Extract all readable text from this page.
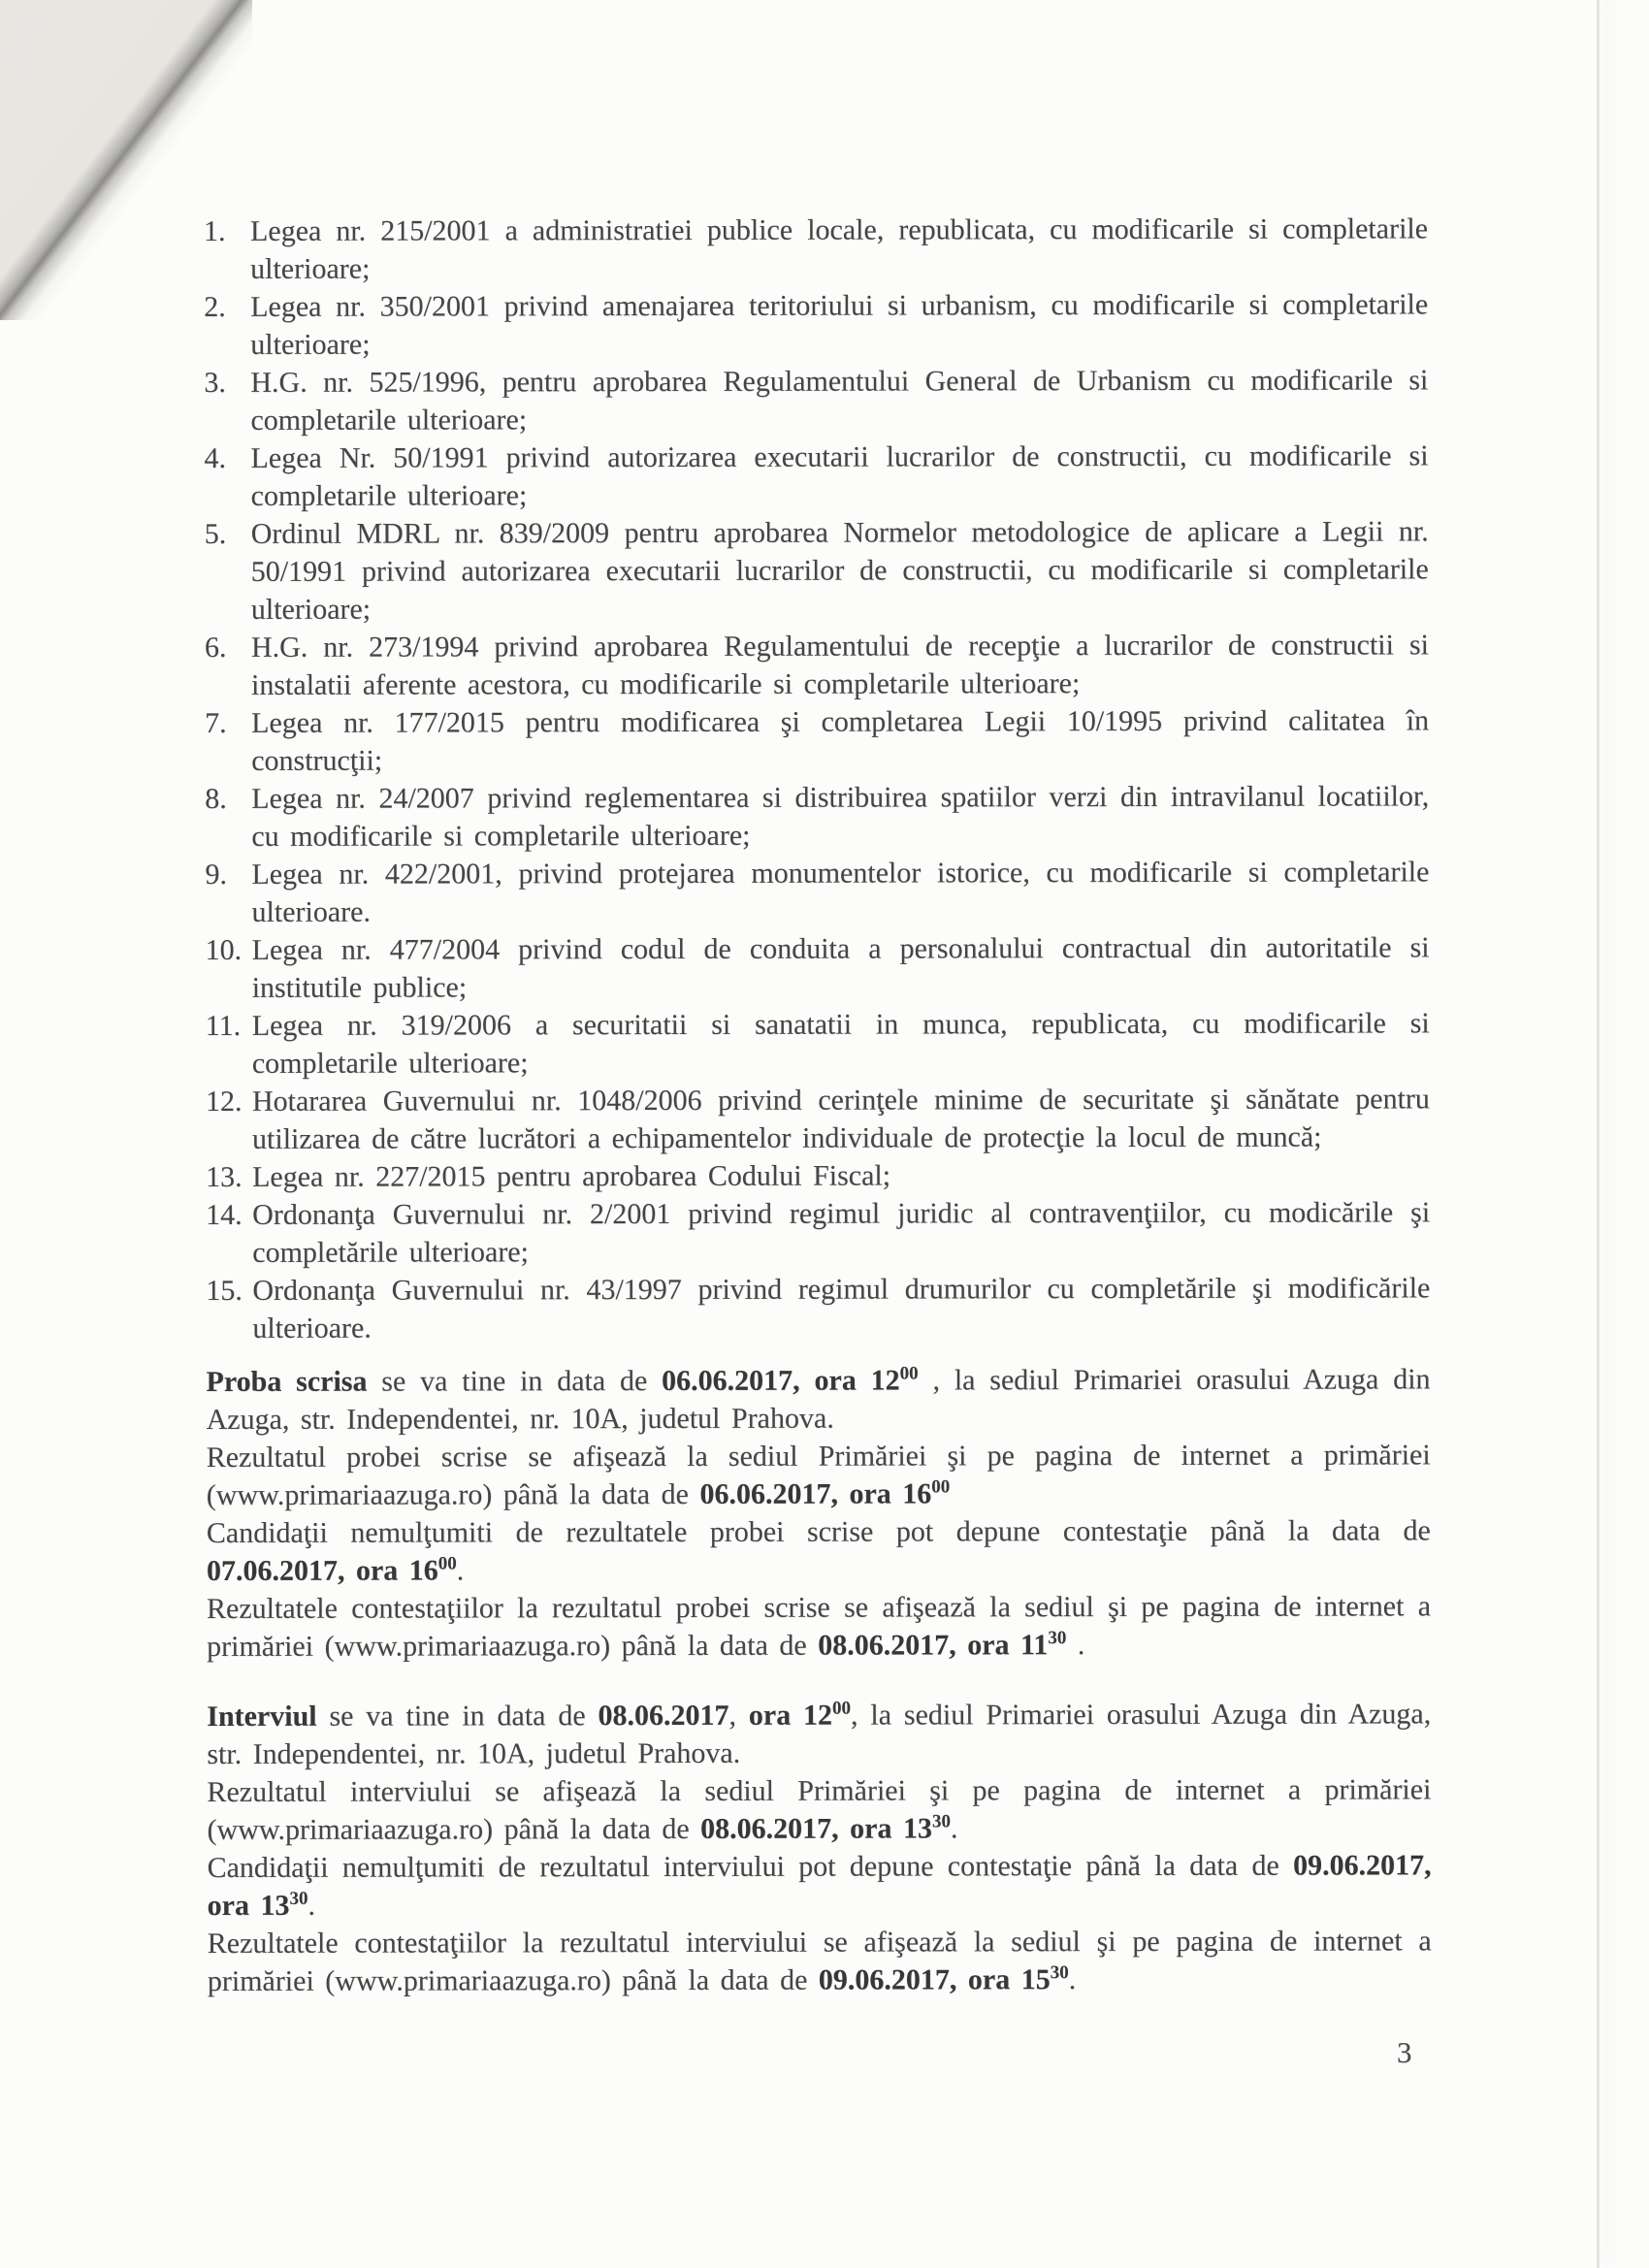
1. Legea nr. 215/2001 a administratiei publice locale, republicata, cu modificarile si completarile ulterioare;
2. Legea nr. 350/2001 privind amenajarea teritoriului si urbanism, cu modificarile si completarile ulterioare;
3. H.G. nr. 525/1996, pentru aprobarea Regulamentului General de Urbanism cu modificarile si completarile ulterioare;
4. Legea Nr. 50/1991 privind autorizarea executarii lucrarilor de constructii, cu modificarile si completarile ulterioare;
5. Ordinul MDRL nr. 839/2009 pentru aprobarea Normelor metodologice de aplicare a Legii nr. 50/1991 privind autorizarea executarii lucrarilor de constructii, cu modificarile si completarile ulterioare;
6. H.G. nr. 273/1994 privind aprobarea Regulamentului de recepţie a lucrarilor de constructii si instalatii aferente acestora, cu modificarile si completarile ulterioare;
7. Legea nr. 177/2015 pentru modificarea şi completarea Legii 10/1995 privind calitatea în construcţii;
8. Legea nr. 24/2007 privind reglementarea si distribuirea spatiilor verzi din intravilanul locatiilor, cu modificarile si completarile ulterioare;
9. Legea nr. 422/2001, privind protejarea monumentelor istorice, cu modificarile si completarile ulterioare.
10. Legea nr. 477/2004 privind codul de conduita a personalului contractual din autoritatile si institutile publice;
11. Legea nr. 319/2006 a securitatii si sanatatii in munca, republicata, cu modificarile si completarile ulterioare;
12. Hotararea Guvernului nr. 1048/2006 privind cerinţele minime de securitate şi sănătate pentru utilizarea de către lucrători a echipamentelor individuale de protecţie la locul de muncă;
13. Legea nr. 227/2015 pentru aprobarea Codului Fiscal;
14. Ordonanţa Guvernului nr. 2/2001 privind regimul juridic al contravenţiilor, cu modicările şi completările ulterioare;
15. Ordonanţa Guvernului nr. 43/1997 privind regimul drumurilor cu completările şi modificările ulterioare.

Proba scrisa se va tine in data de 06.06.2017, ora $12^{00}$ , la sediul Primariei orasului Azuga din Azuga, str. Independentei, nr. 10A, judetul Prahova.

Rezultatul probei scrise se afişează la sediul Primăriei şi pe pagina de internet a primăriei (www.primariaazuga.ro) până la data de 06.06.2017, ora $16^{00}$

Candidaţii nemulţumiti de rezultatele probei scrise pot depune contestaţie până la data de 07.06.2017, ora $16^{00}$.

Rezultatele contestaţiilor la rezultatul probei scrise se afişează la sediul şi pe pagina de internet a primăriei (www.primariaazuga.ro) până la data de 08.06.2017, ora $11^{30}$ .

Interviul se va tine in data de 08.06.2017, ora $12^{00}$, la sediul Primariei orasului Azuga din Azuga, str. Independentei, nr. 10A, judetul Prahova.

Rezultatul interviului se afişează la sediul Primăriei şi pe pagina de internet a primăriei (www.primariaazuga.ro) până la data de 08.06.2017, ora $13^{30}$.

Candidaţii nemulţumiti de rezultatul interviului pot depune contestaţie până la data de 09.06.2017, ora $13^{30}$.

Rezultatele contestaţiilor la rezultatul interviului se afişează la sediul şi pe pagina de internet a primăriei (www.primariaazuga.ro) până la data de 09.06.2017, ora $15^{30}$.

3
